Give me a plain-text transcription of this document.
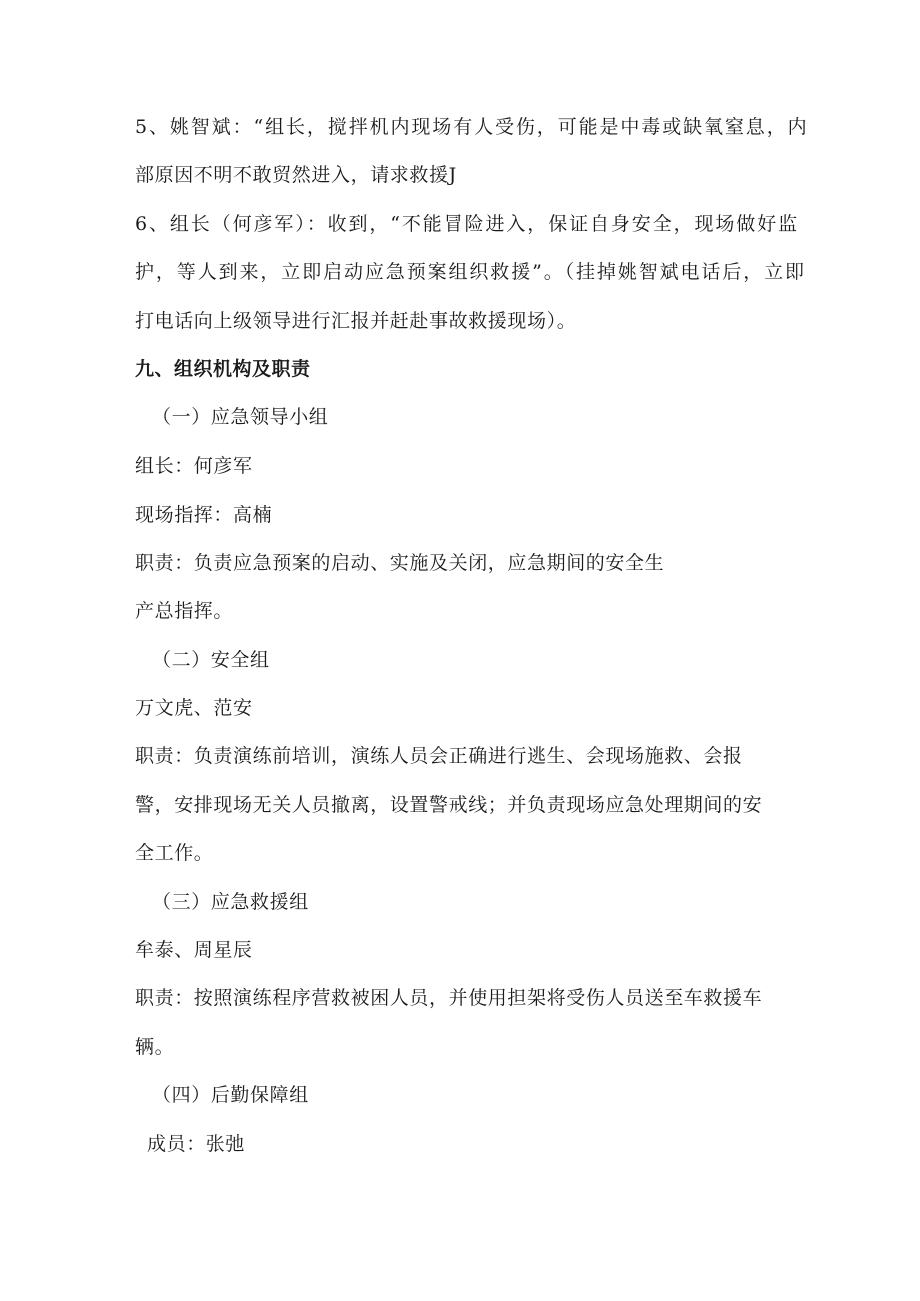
5、姚智斌：“组长，搅拌机内现场有人受伤，可能是中毒或缺氧窒息，内
部原因不明不敢贸然进入，请求救援J
6、组长（何彦军）：收到，“不能冒险进入，保证自身安全，现场做好监
护，等人到来，立即启动应急预案组织救援”。（挂掉姚智斌电话后，立即
打电话向上级领导进行汇报并赶赴事故救援现场）。
九、组织机构及职责
（一）应急领导小组
组长：何彦军
现场指挥：高楠
职责：负责应急预案的启动、实施及关闭，应急期间的安全生
产总指挥。
（二）安全组
万文虎、范安
职责：负责演练前培训，演练人员会正确进行逃生、会现场施救、会报
警，安排现场无关人员撤离，设置警戒线；并负责现场应急处理期间的安
全工作。
（三）应急救援组
牟泰、周星辰
职责：按照演练程序营救被困人员，并使用担架将受伤人员送至车救援车
辆。
（四）后勤保障组
成员：张弛
